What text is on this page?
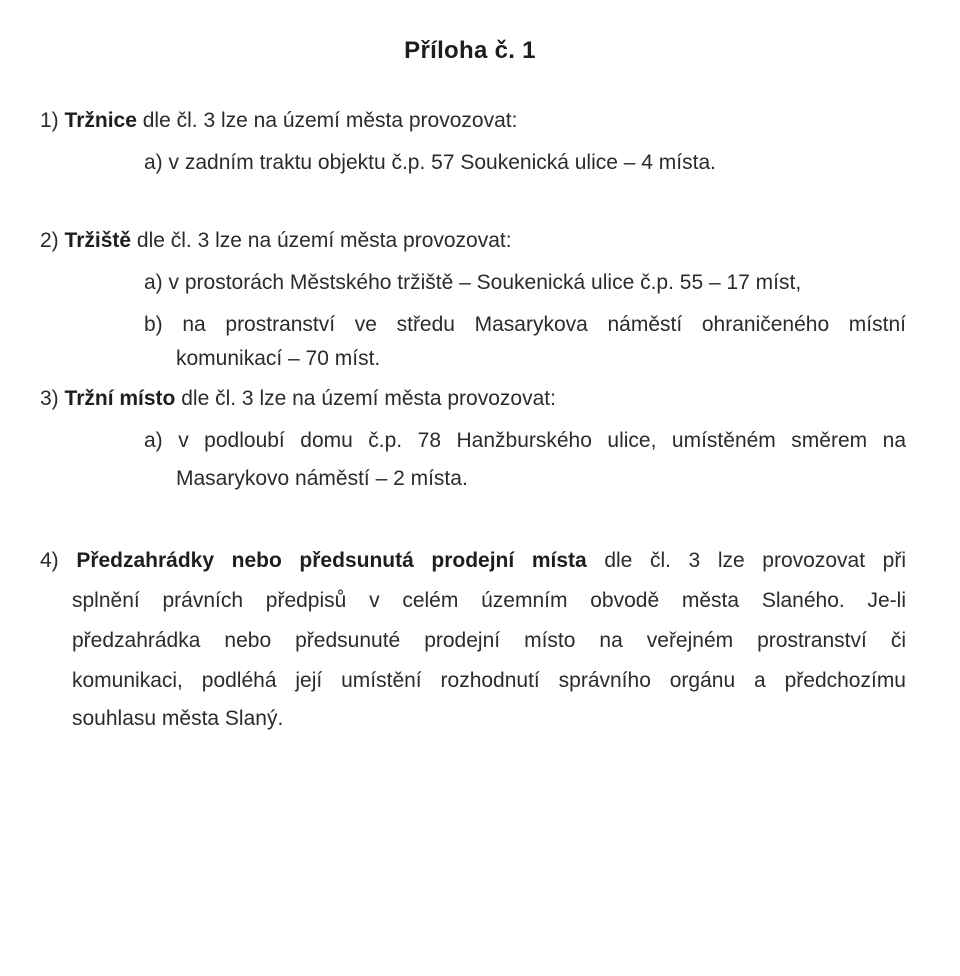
Příloha č. 1
1) Tržnice dle čl. 3 lze na území města provozovat:
a) v zadním traktu objektu č.p. 57 Soukenická ulice – 4 místa.
2) Tržiště dle čl. 3 lze na území města provozovat:
a) v prostorách Městského tržiště – Soukenická ulice č.p. 55 – 17 míst,
b) na prostranství ve středu Masarykova náměstí ohraničeného místní
komunikací – 70 míst.
3) Tržní místo dle čl. 3 lze na území města provozovat:
a) v podloubí domu č.p. 78 Hanžburského ulice, umístěném směrem na
Masarykovo náměstí – 2 místa.
4) Předzahrádky nebo předsunutá prodejní místa dle čl. 3 lze provozovat při
splnění právních předpisů v celém územním obvodě města Slaného. Je-li
předzahrádka nebo předsunuté prodejní místo na veřejném prostranství či
komunikaci, podléhá její umístění rozhodnutí správního orgánu a předchozímu
souhlasu města Slaný.
